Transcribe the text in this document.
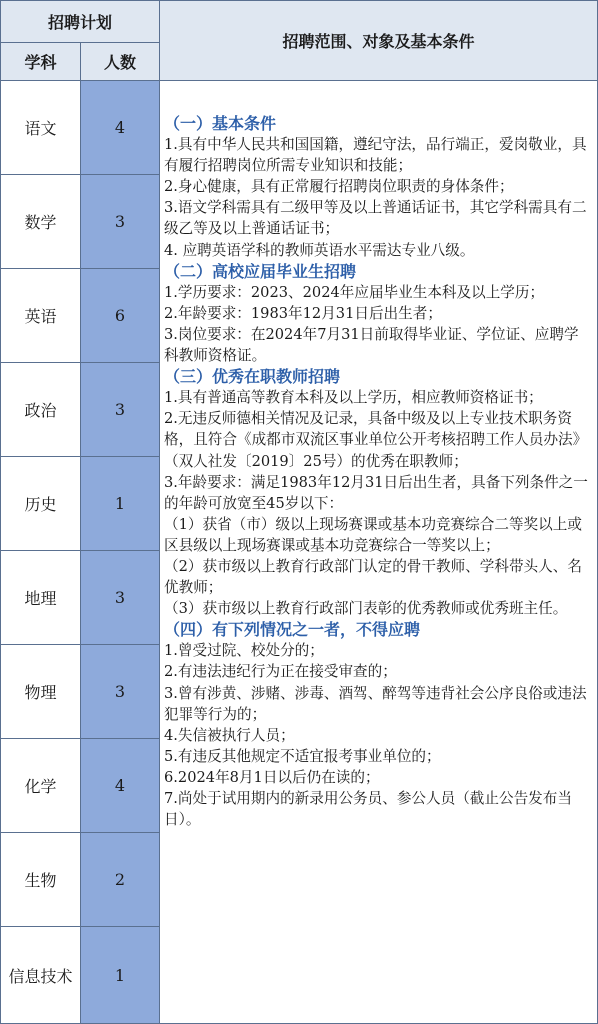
招聘计划
学科	人数
招聘范围、对象及基本条件
语文	4
数学	3
英语	6
政治	3
历史	1
地理	3
物理	3
化学	4
生物	2
信息技术	1

（一）基本条件

1.具有中华人民共和国国籍，遵纪守法，品行端正，爱岗敬业，具有履行招聘岗位所需专业知识和技能；

2.身心健康，具有正常履行招聘岗位职责的身体条件；

3.语文学科需具有二级甲等及以上普通话证书，其它学科需具有二级乙等及以上普通话证书；

4. 应聘英语学科的教师英语水平需达专业八级。

（二）高校应届毕业生招聘

1.学历要求：2023、2024年应届毕业生本科及以上学历；

2.年龄要求：1983年12月31日后出生者；

3.岗位要求：在2024年7月31日前取得毕业证、学位证、应聘学科教师资格证。

（三）优秀在职教师招聘

1.具有普通高等教育本科及以上学历，相应教师资格证书；

2.无违反师德相关情况及记录，具备中级及以上专业技术职务资格，且符合《成都市双流区事业单位公开考核招聘工作人员办法》（双人社发〔2019〕25号）的优秀在职教师；

3.年龄要求：满足1983年12月31日后出生者，具备下列条件之一的年龄可放宽至45岁以下：

（1）获省（市）级以上现场赛课或基本功竞赛综合二等奖以上或区县级以上现场赛课或基本功竞赛综合一等奖以上；

（2）获市级以上教育行政部门认定的骨干教师、学科带头人、名优教师；

（3）获市级以上教育行政部门表彰的优秀教师或优秀班主任。

（四）有下列情况之一者，不得应聘

1.曾受过院、校处分的；

2.有违法违纪行为正在接受审查的；

3.曾有涉黄、涉赌、涉毒、酒驾、醉驾等违背社会公序良俗或违法犯罪等行为的；

4.失信被执行人员；

5.有违反其他规定不适宜报考事业单位的；

6.2024年8月1日以后仍在读的；

7.尚处于试用期内的新录用公务员、参公人员（截止公告发布当日）。
